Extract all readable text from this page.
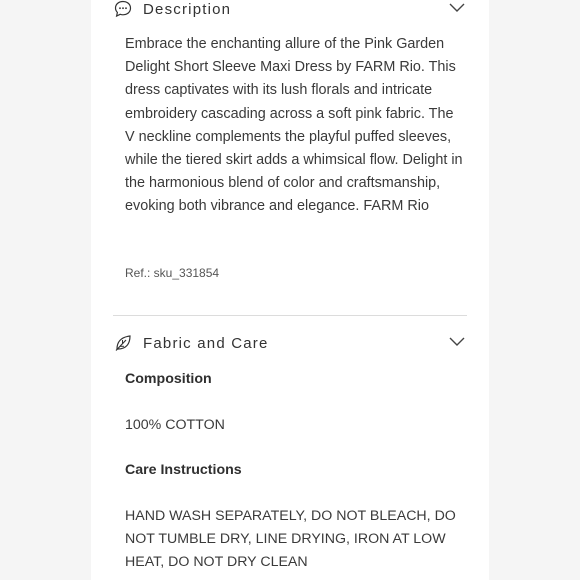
Description

Embrace the enchanting allure of the Pink Garden Delight Short Sleeve Maxi Dress by FARM Rio. This dress captivates with its lush florals and intricate embroidery cascading across a soft pink fabric. The V neckline complements the playful puffed sleeves, while the tiered skirt adds a whimsical flow. Delight in the harmonious blend of color and craftsmanship, evoking both vibrance and elegance. FARM Rio

Ref.: sku_331854
Fabric and Care
Composition
100% COTTON
Care Instructions

HAND WASH SEPARATELY, DO NOT BLEACH, DO NOT TUMBLE DRY, LINE DRYING, IRON AT LOW HEAT, DO NOT DRY CLEAN
